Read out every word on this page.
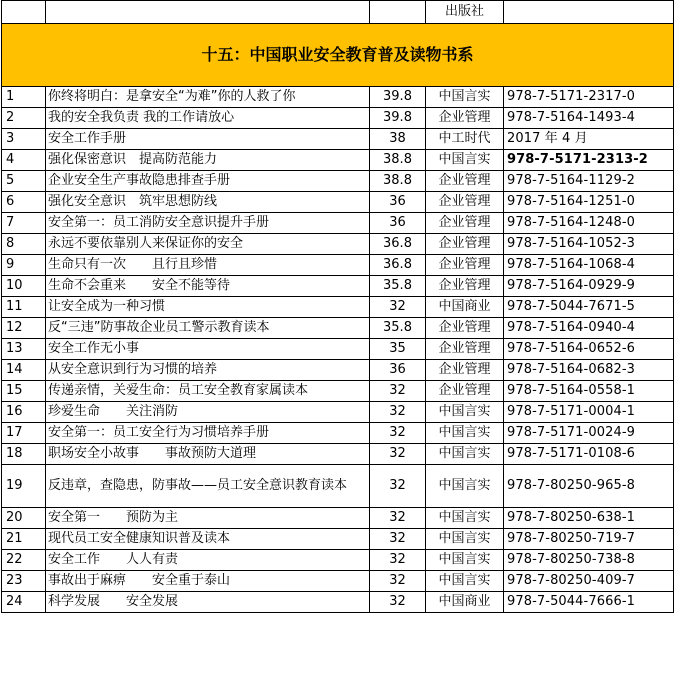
			出版社	
十五：中国职业安全教育普及读物书系				
1	你终将明白：是拿安全“为难”你的人救了你	39.8	中国言实	978-7-5171-2317-0
2	我的安全我负责 我的工作请放心	39.8	企业管理	978-7-5164-1493-4
3	安全工作手册	38	中工时代	2017 年 4 月
4	强化保密意识　提高防范能力	38.8	中国言实	978-7-5171-2313-2
5	企业安全生产事故隐患排查手册	38.8	企业管理	978-7-5164-1129-2
6	强化安全意识　筑牢思想防线	36	企业管理	978-7-5164-1251-0
7	安全第一：员工消防安全意识提升手册	36	企业管理	978-7-5164-1248-0
8	永远不要依靠别人来保证你的安全	36.8	企业管理	978-7-5164-1052-3
9	生命只有一次　　且行且珍惜	36.8	企业管理	978-7-5164-1068-4
10	生命不会重来　　安全不能等待	35.8	企业管理	978-7-5164-0929-9
11	让安全成为一种习惯	32	中国商业	978-7-5044-7671-5
12	反“三违”防事故企业员工警示教育读本	35.8	企业管理	978-7-5164-0940-4
13	安全工作无小事	35	企业管理	978-7-5164-0652-6
14	从安全意识到行为习惯的培养	36	企业管理	978-7-5164-0682-3
15	传递亲情，关爱生命：员工安全教育家属读本	32	企业管理	978-7-5164-0558-1
16	珍爱生命　　关注消防	32	中国言实	978-7-5171-0004-1
17	安全第一：员工安全行为习惯培养手册	32	中国言实	978-7-5171-0024-9
18	职场安全小故事　　事故预防大道理	32	中国言实	978-7-5171-0108-6
19	反违章，查隐患，防事故——员工安全意识教育读本	32	中国言实	978-7-80250-965-8
20	安全第一　　预防为主	32	中国言实	978-7-80250-638-1
21	现代员工安全健康知识普及读本	32	中国言实	978-7-80250-719-7
22	安全工作　　人人有责	32	中国言实	978-7-80250-738-8
23	事故出于麻痹　　安全重于泰山	32	中国言实	978-7-80250-409-7
24	科学发展　　安全发展	32	中国商业	978-7-5044-7666-1
